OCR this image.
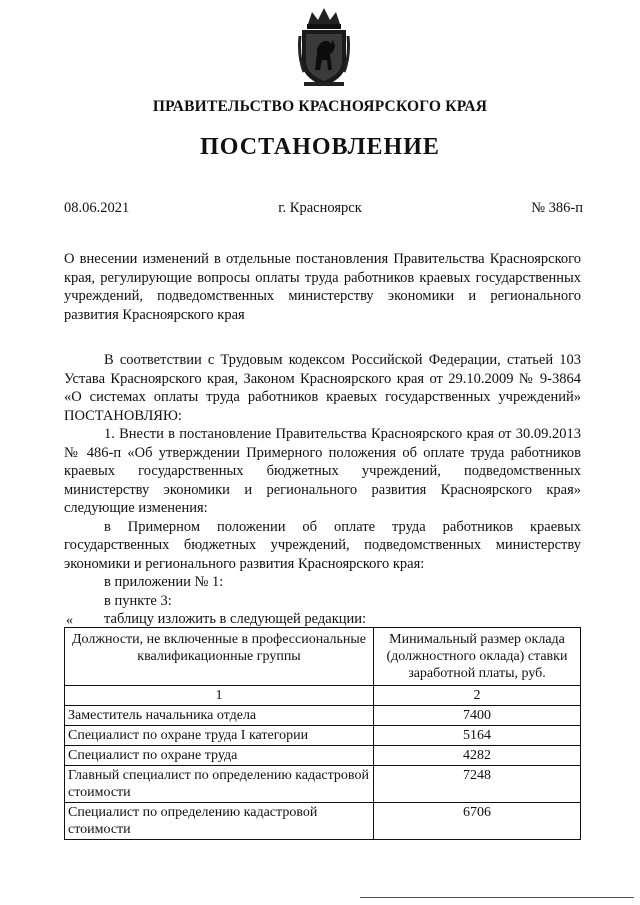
ПРАВИТЕЛЬСТВО КРАСНОЯРСКОГО КРАЯ
ПОСТАНОВЛЕНИЕ
08.06.2021	г. Красноярск	№ 386-п
О внесении изменений в отдельные постановления Правительства Красноярского края, регулирующие вопросы оплаты труда работников краевых государственных учреждений, подведомственных министерству экономики и регионального развития Красноярского края

В соответствии с Трудовым кодексом Российской Федерации, статьей 103 Устава Красноярского края, Законом Красноярского края от 29.10.2009 № 9-3864 «О системах оплаты труда работников краевых государственных учреждений» ПОСТАНОВЛЯЮ:

1. Внести в постановление Правительства Красноярского края от 30.09.2013 № 486-п «Об утверждении Примерного положения об оплате труда работников краевых государственных бюджетных учреждений, подведомственных министерству экономики и регионального развития Красноярского края» следующие изменения:

в Примерном положении об оплате труда работников краевых государственных бюджетных учреждений, подведомственных министерству экономики и регионального развития Красноярского края:

в приложении № 1:

в пункте 3:

таблицу изложить в следующей редакции:

«
Должности, не включенные в профессиональные квалификационные группы	Минимальный размер оклада (должностного оклада) ставки заработной платы, руб.
1	2
Заместитель начальника отдела	7400
Специалист по охране труда I категории	5164
Специалист по охране труда	4282
Главный специалист по определению кадастровой стоимости	7248
Специалист по определению кадастровой стоимости	6706
